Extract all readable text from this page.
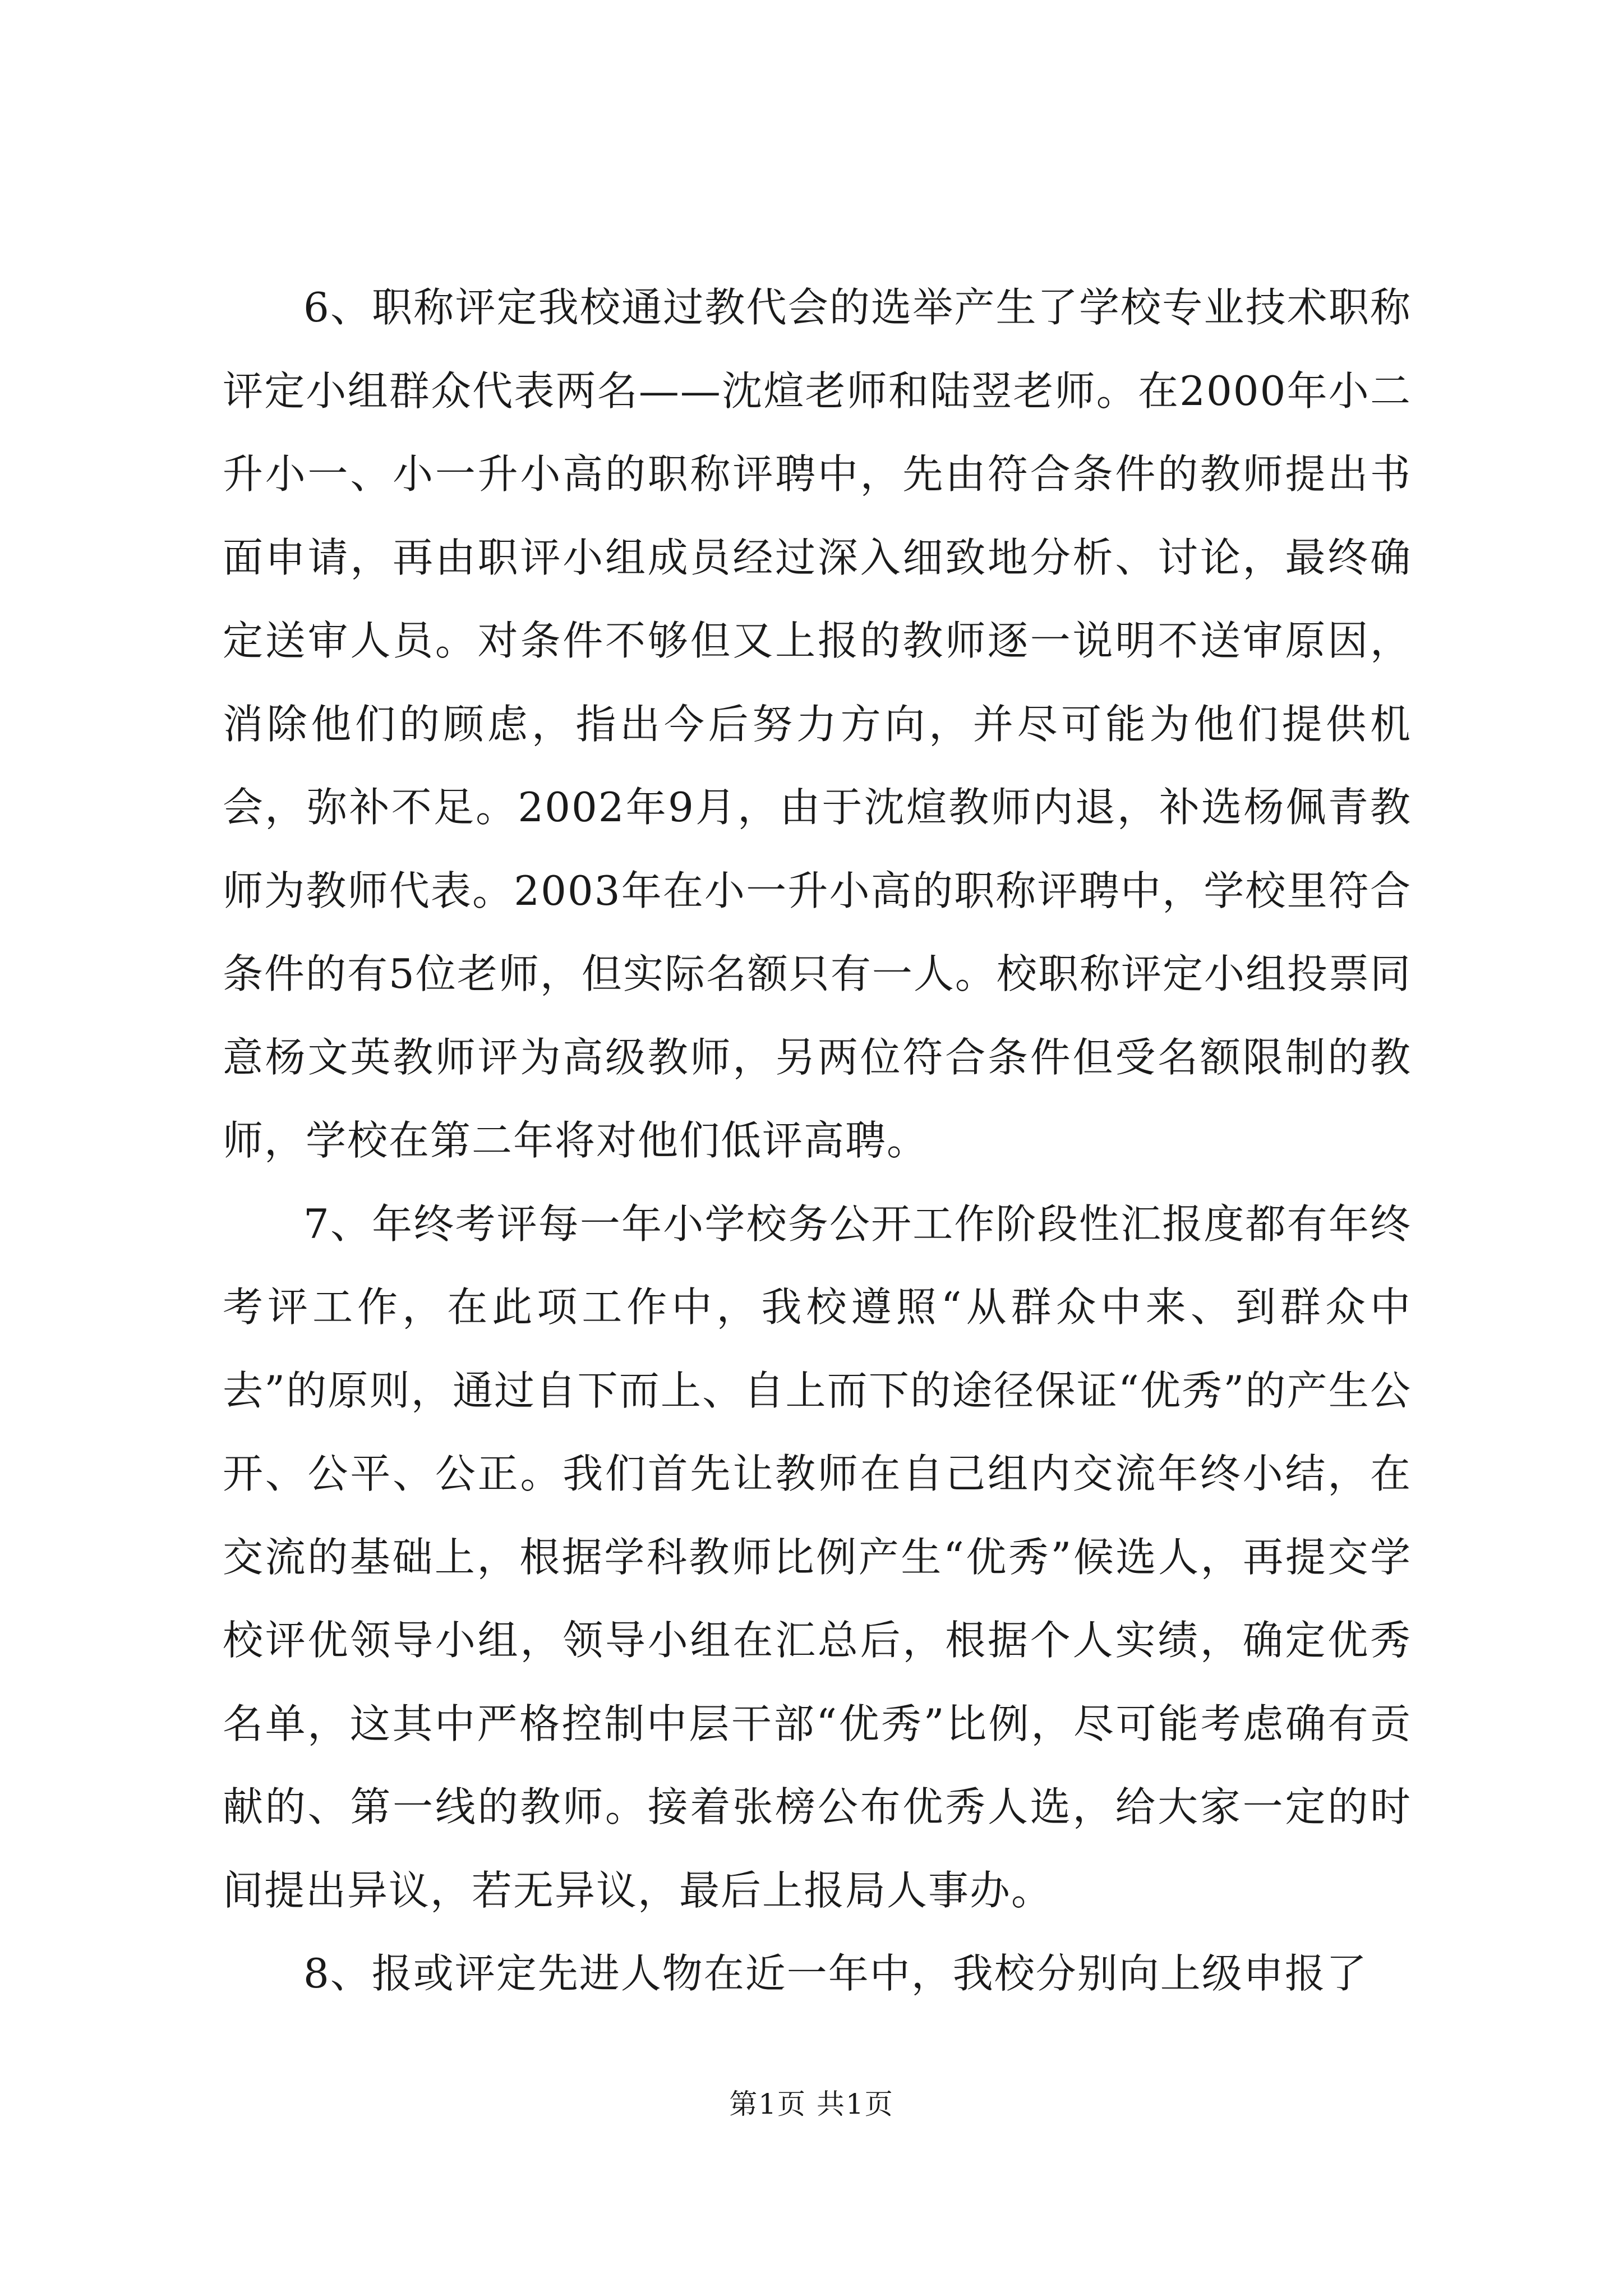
6、职称评定我校通过教代会的选举产生了学校专业技术职称评定小组群众代表两名——沈煊老师和陆翌老师。在2000年小二升小一、小一升小高的职称评聘中，先由符合条件的教师提出书面申请，再由职评小组成员经过深入细致地分析、讨论，最终确定送审人员。对条件不够但又上报的教师逐一说明不送审原因，消除他们的顾虑，指出今后努力方向，并尽可能为他们提供机会，弥补不足。2002年9月，由于沈煊教师内退，补选杨佩青教师为教师代表。2003年在小一升小高的职称评聘中，学校里符合条件的有5位老师，但实际名额只有一人。校职称评定小组投票同意杨文英教师评为高级教师，另两位符合条件但受名额限制的教师，学校在第二年将对他们低评高聘。

7、年终考评每一年小学校务公开工作阶段性汇报度都有年终考评工作，在此项工作中，我校遵照“从群众中来、到群众中去”的原则，通过自下而上、自上而下的途径保证“优秀”的产生公开、公平、公正。我们首先让教师在自己组内交流年终小结，在交流的基础上，根据学科教师比例产生“优秀”候选人，再提交学校评优领导小组，领导小组在汇总后，根据个人实绩，确定优秀名单，这其中严格控制中层干部“优秀”比例，尽可能考虑确有贡献的、第一线的教师。接着张榜公布优秀人选，给大家一定的时间提出异议，若无异议，最后上报局人事办。

8、报或评定先进人物在近一年中，我校分别向上级申报了

第1页 共1页
